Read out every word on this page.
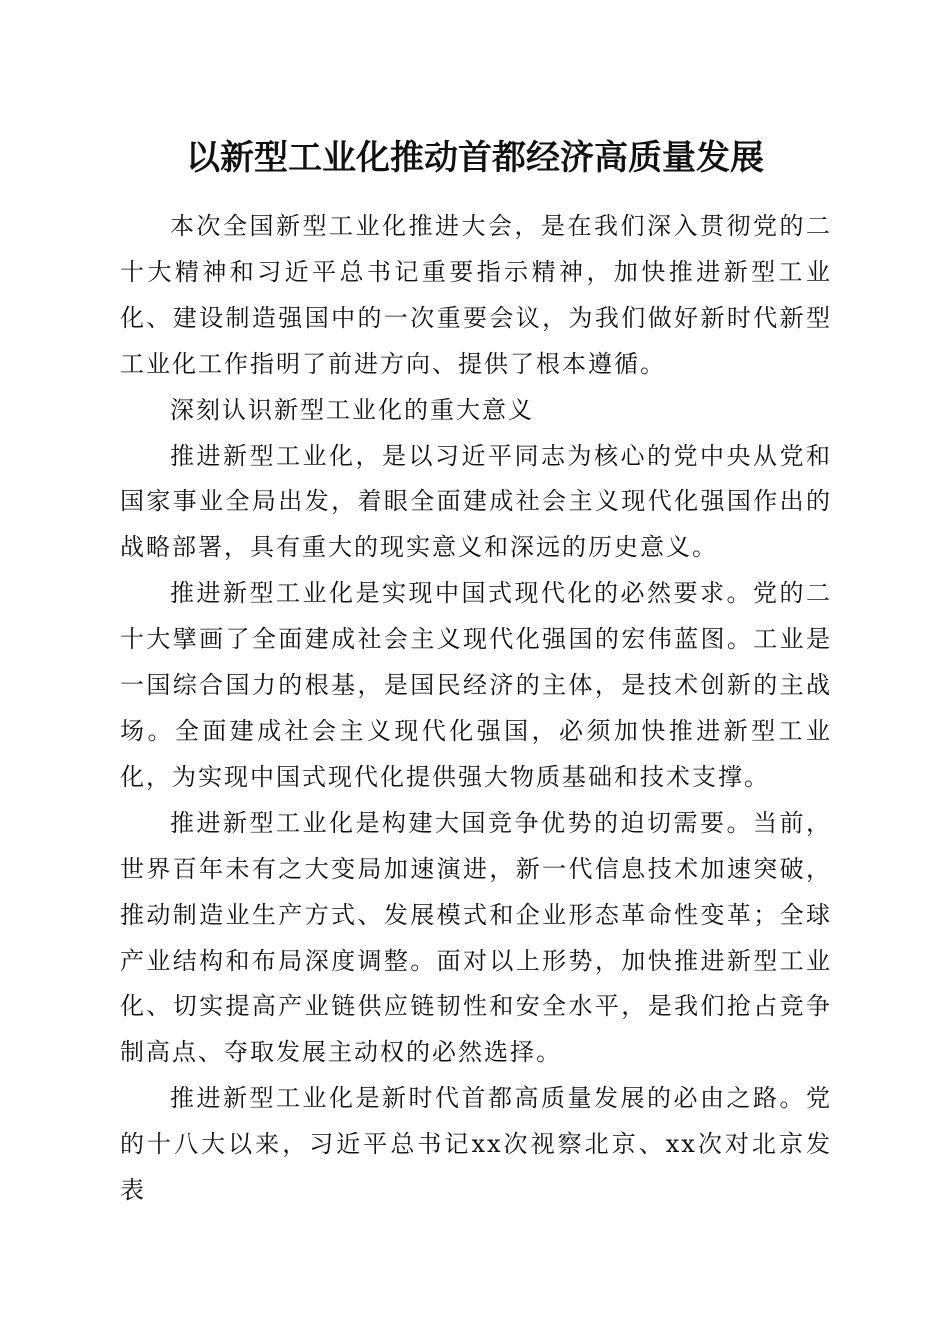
以新型工业化推动首都经济高质量发展

本次全国新型工业化推进大会，是在我们深入贯彻党的二十大精神和习近平总书记重要指示精神，加快推进新型工业化、建设制造强国中的一次重要会议，为我们做好新时代新型工业化工作指明了前进方向、提供了根本遵循。

深刻认识新型工业化的重大意义

推进新型工业化，是以习近平同志为核心的党中央从党和国家事业全局出发，着眼全面建成社会主义现代化强国作出的战略部署，具有重大的现实意义和深远的历史意义。

推进新型工业化是实现中国式现代化的必然要求。党的二十大擘画了全面建成社会主义现代化强国的宏伟蓝图。工业是一国综合国力的根基，是国民经济的主体，是技术创新的主战场。全面建成社会主义现代化强国，必须加快推进新型工业化，为实现中国式现代化提供强大物质基础和技术支撑。

推进新型工业化是构建大国竞争优势的迫切需要。当前，世界百年未有之大变局加速演进，新一代信息技术加速突破，推动制造业生产方式、发展模式和企业形态革命性变革；全球产业结构和布局深度调整。面对以上形势，加快推进新型工业化、切实提高产业链供应链韧性和安全水平，是我们抢占竞争制高点、夺取发展主动权的必然选择。

推进新型工业化是新时代首都高质量发展的必由之路。党的十八大以来，习近平总书记xx次视察北京、xx次对北京发表
